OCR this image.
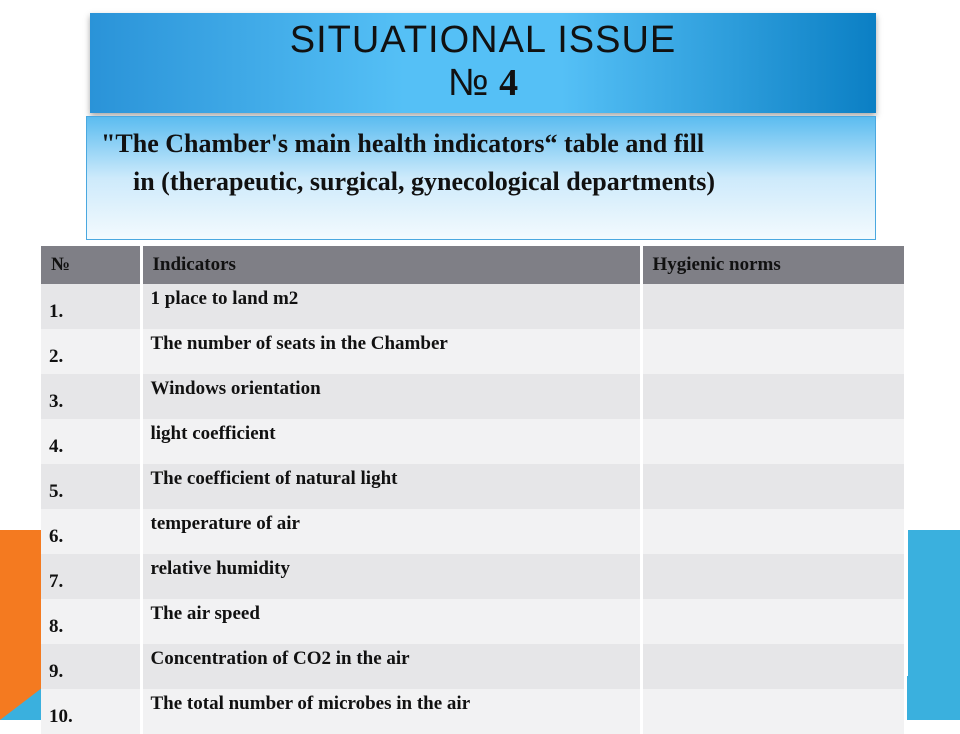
SITUATIONAL ISSUE
№ 4
"The Chamber's main health indicators“ table and fill
in (therapeutic, surgical, gynecological departments)
№	Indicators	Hygienic norms
1.	1 place to land m2	
2.	The number of seats in the Chamber	
3.	Windows orientation	
4.	light coefficient	
5.	The coefficient of natural light	
6.	temperature of air	
7.	relative humidity	
8.	The air speed	
9.	Concentration of CO2 in the air	
10.	The total number of microbes in the air	
